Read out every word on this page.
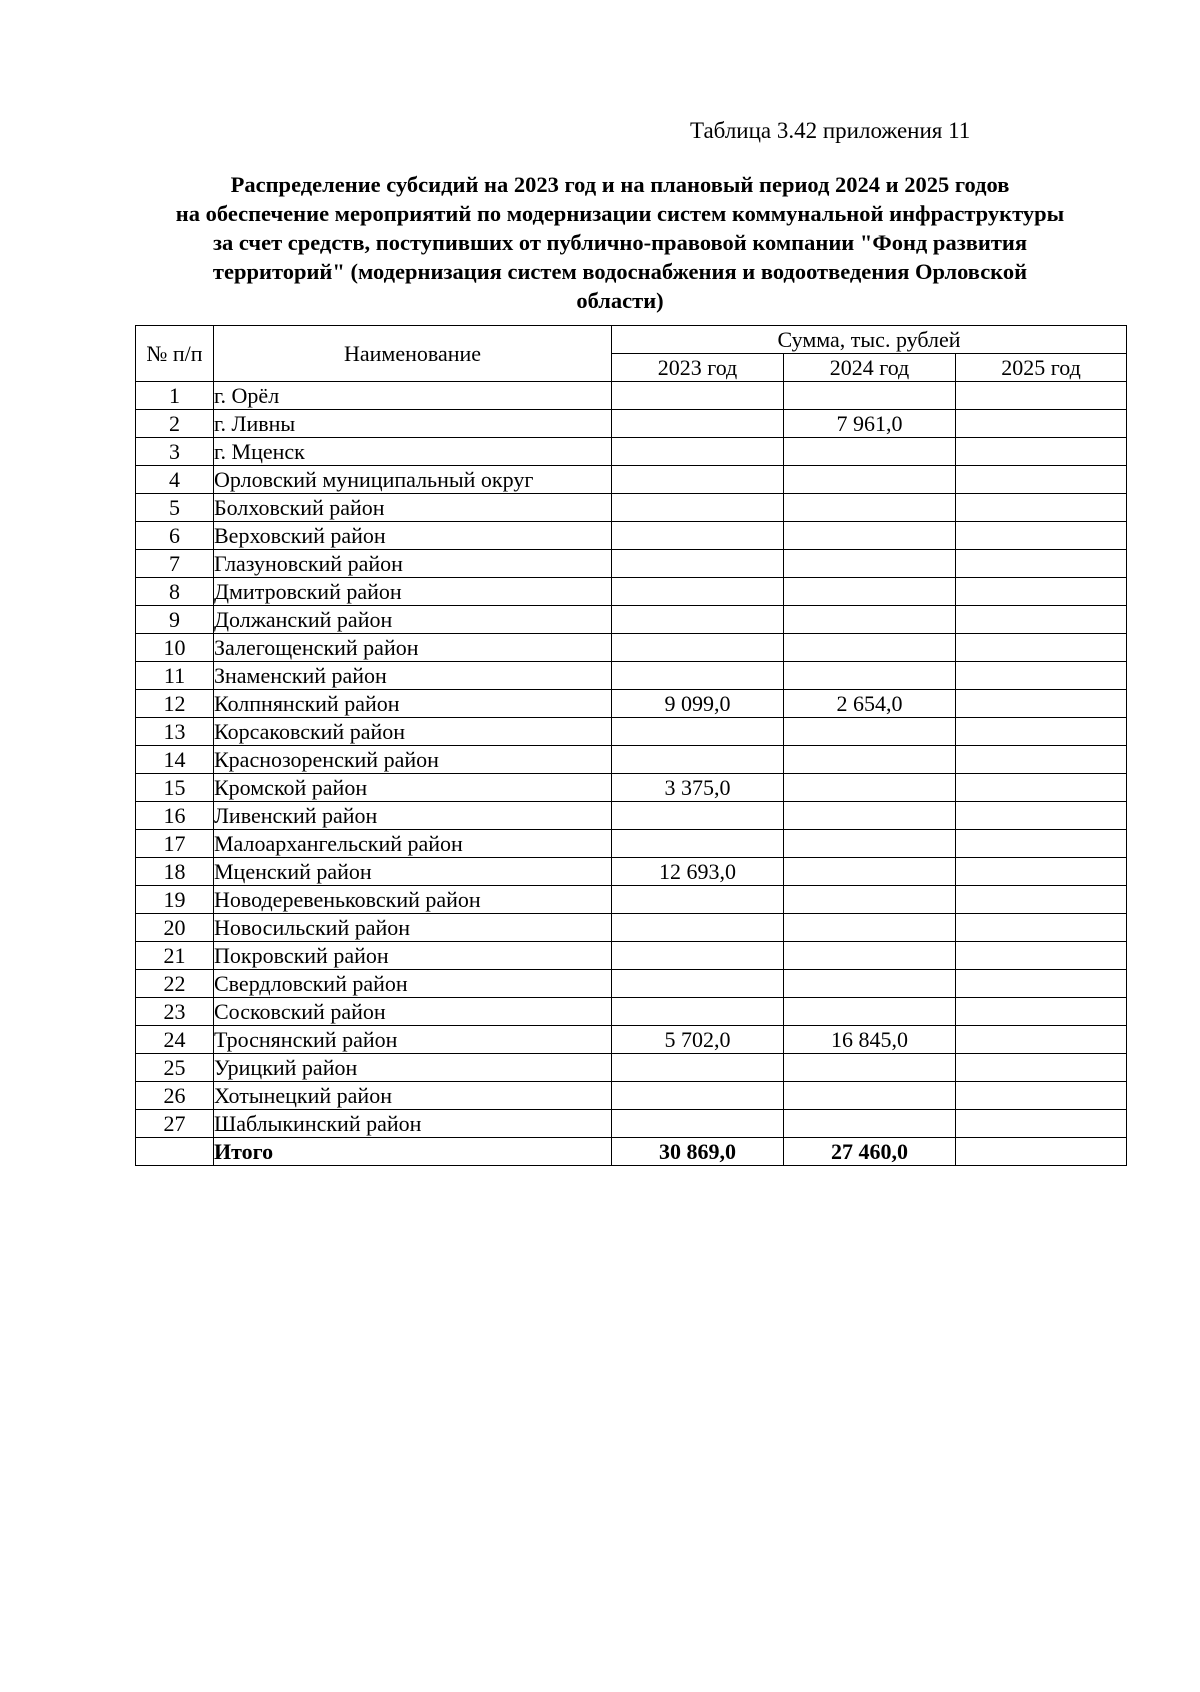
Таблица 3.42 приложения 11
Распределение субсидий на 2023 год и на плановый период 2024 и 2025 годов
на обеспечение мероприятий по модернизации систем коммунальной инфраструктуры
за счет средств, поступивших от публично-правовой компании "Фонд развития
территорий" (модернизация систем водоснабжения и водоотведения Орловской
области)
№ п/п	Наименование	Сумма, тыс. рублей		
		2023 год	2024 год	2025 год
1	г. Орёл			
2	г. Ливны		7 961,0	
3	г. Мценск			
4	Орловский муниципальный округ			
5	Болховский район			
6	Верховский район			
7	Глазуновский район			
8	Дмитровский район			
9	Должанский район			
10	Залегощенский район			
11	Знаменский район			
12	Колпнянский район	9 099,0	2 654,0	
13	Корсаковский район			
14	Краснозоренский район			
15	Кромской район	3 375,0		
16	Ливенский район			
17	Малоархангельский район			
18	Мценский район	12 693,0		
19	Новодеревеньковский район			
20	Новосильский район			
21	Покровский район			
22	Свердловский район			
23	Сосковский район			
24	Троснянский район	5 702,0	16 845,0	
25	Урицкий район			
26	Хотынецкий район			
27	Шаблыкинский район			
	Итого	30 869,0	27 460,0	
